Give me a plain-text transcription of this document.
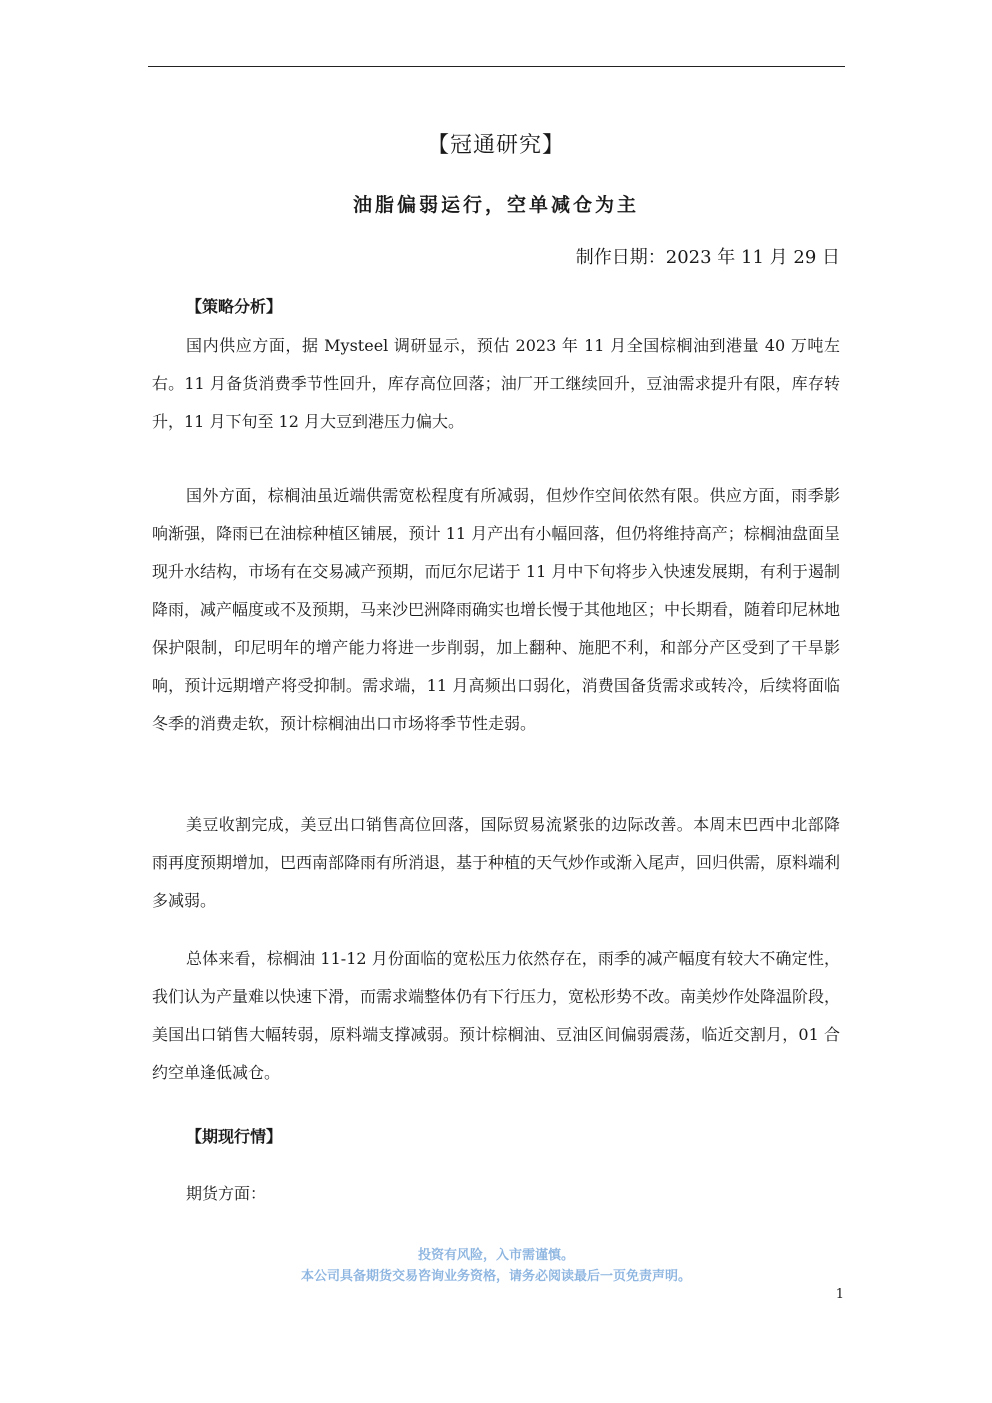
【冠通研究】
油脂偏弱运行，空单减仓为主
制作日期：2023 年 11 月 29 日
【策略分析】

国内供应方面，据 Mysteel 调研显示，预估 2023 年 11 月全国棕榈油到港量 40 万吨左右。11 月备货消费季节性回升，库存高位回落；油厂开工继续回升，豆油需求提升有限，库存转升，11 月下旬至 12 月大豆到港压力偏大。

国外方面，棕榈油虽近端供需宽松程度有所减弱，但炒作空间依然有限。供应方面，雨季影响渐强，降雨已在油棕种植区铺展，预计 11 月产出有小幅回落，但仍将维持高产；棕榈油盘面呈现升水结构，市场有在交易减产预期，而厄尔尼诺于 11 月中下旬将步入快速发展期，有利于遏制降雨，减产幅度或不及预期，马来沙巴洲降雨确实也增长慢于其他地区；中长期看，随着印尼林地保护限制，印尼明年的增产能力将进一步削弱，加上翻种、施肥不利，和部分产区受到了干旱影响，预计远期增产将受抑制。需求端，11 月高频出口弱化，消费国备货需求或转冷，后续将面临冬季的消费走软，预计棕榈油出口市场将季节性走弱。

美豆收割完成，美豆出口销售高位回落，国际贸易流紧张的边际改善。本周末巴西中北部降雨再度预期增加，巴西南部降雨有所消退，基于种植的天气炒作或渐入尾声，回归供需，原料端利多减弱。

总体来看，棕榈油 11-12 月份面临的宽松压力依然存在，雨季的减产幅度有较大不确定性，我们认为产量难以快速下滑，而需求端整体仍有下行压力，宽松形势不改。南美炒作处降温阶段，美国出口销售大幅转弱，原料端支撑减弱。预计棕榈油、豆油区间偏弱震荡，临近交割月，01 合约空单逢低减仓。

【期现行情】
期货方面：
投资有风险，入市需谨慎。
本公司具备期货交易咨询业务资格，请务必阅读最后一页免责声明。
1
